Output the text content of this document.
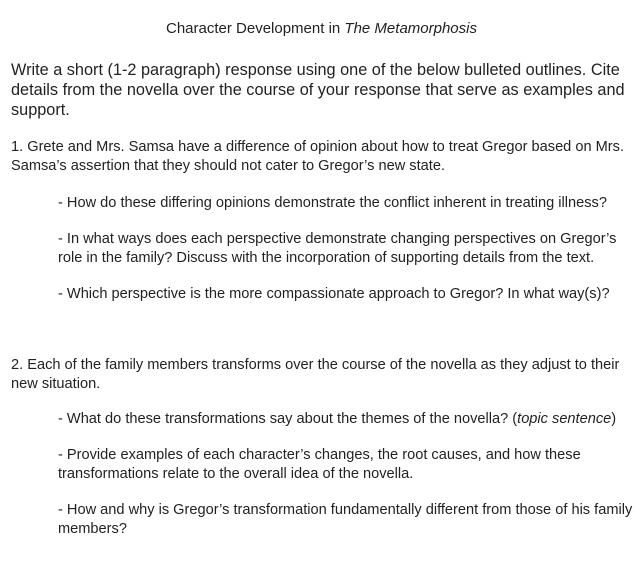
Character Development in The Metamorphosis
Write a short (1-2 paragraph) response using one of the below bulleted outlines. Cite details from the novella over the course of your response that serve as examples and support.
1. Grete and Mrs. Samsa have a difference of opinion about how to treat Gregor based on Mrs. Samsa’s assertion that they should not cater to Gregor’s new state.
- How do these differing opinions demonstrate the conflict inherent in treating illness?
- In what ways does each perspective demonstrate changing perspectives on Gregor’s role in the family? Discuss with the incorporation of supporting details from the text.
- Which perspective is the more compassionate approach to Gregor? In what way(s)?
2. Each of the family members transforms over the course of the novella as they adjust to their new situation.
- What do these transformations say about the themes of the novella? (topic sentence)
- Provide examples of each character’s changes, the root causes, and how these transformations relate to the overall idea of the novella.
- How and why is Gregor’s transformation fundamentally different from those of his family members?
